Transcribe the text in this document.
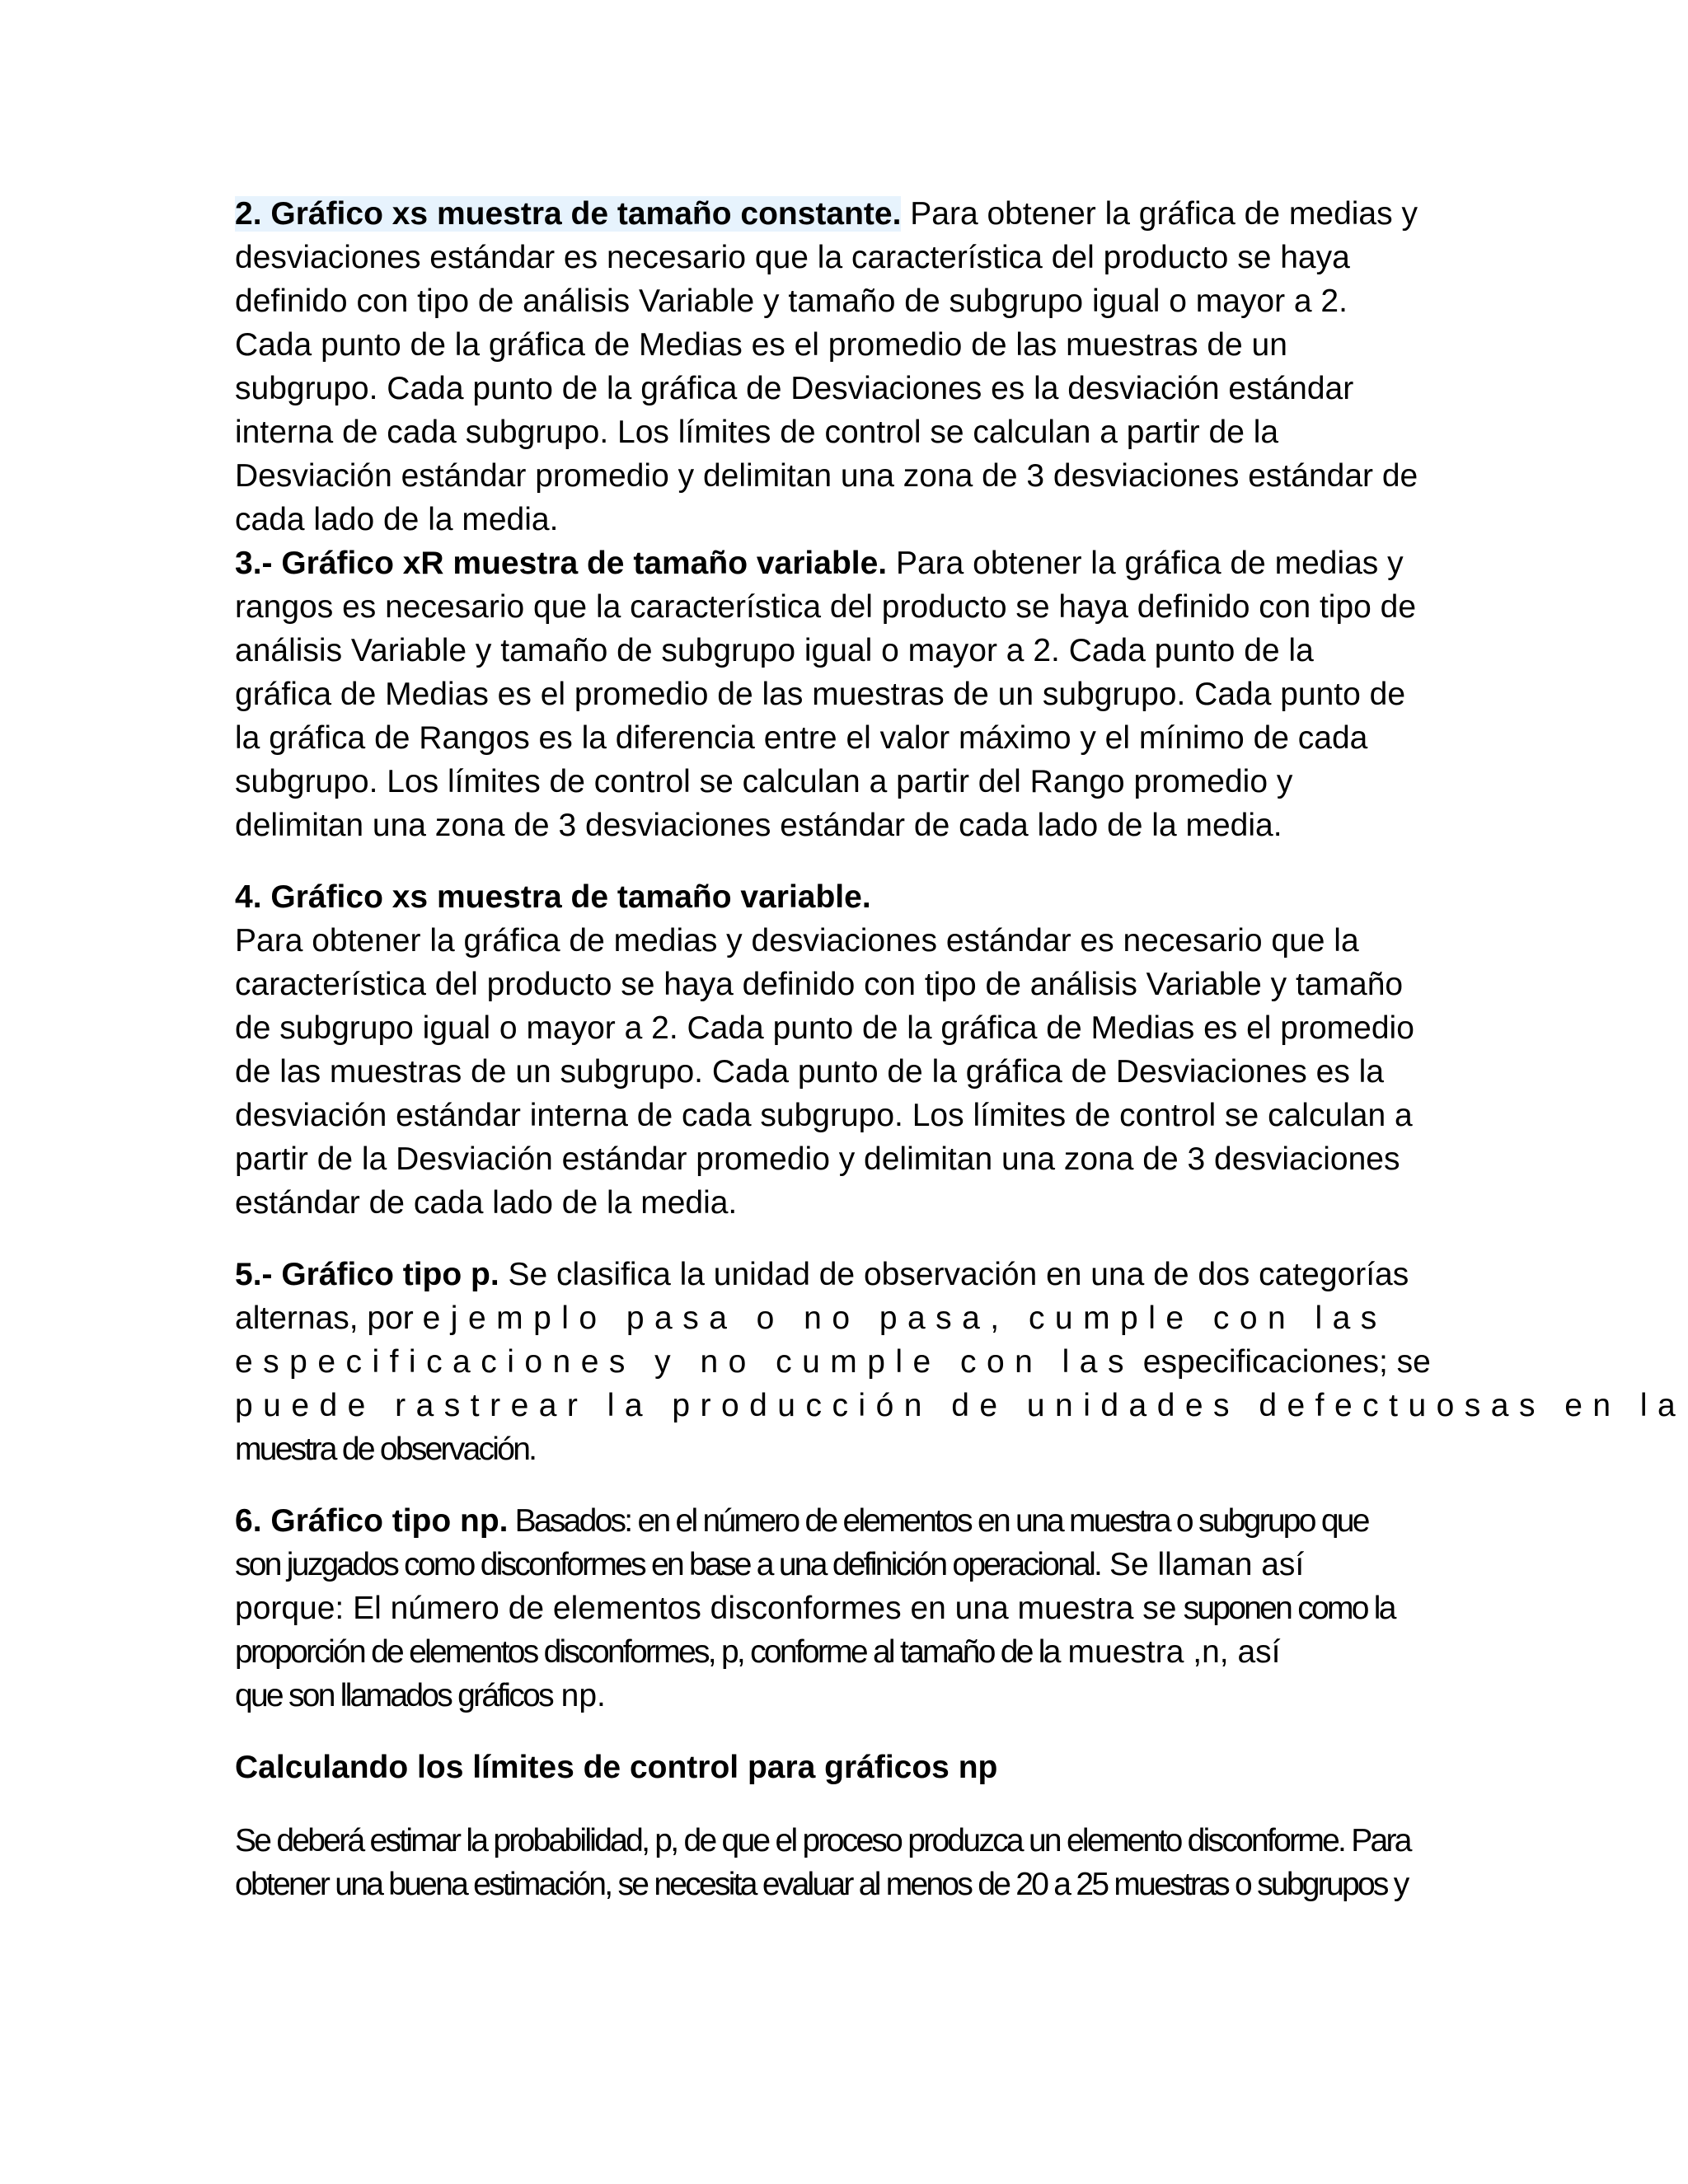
2. Gráfico xs muestra de tamaño constante. Para obtener la gráfica de medias y
desviaciones estándar es necesario que la característica del producto se haya
definido con tipo de análisis Variable y tamaño de subgrupo igual o mayor a 2.
Cada punto de la gráfica de Medias es el promedio de las muestras de un
subgrupo. Cada punto de la gráfica de Desviaciones es la desviación estándar
interna de cada subgrupo. Los límites de control se calculan a partir de la
Desviación estándar promedio y delimitan una zona de 3 desviaciones estándar de
cada lado de la media.
3.- Gráfico xR muestra de tamaño variable. Para obtener la gráfica de medias y
rangos es necesario que la característica del producto se haya definido con tipo de
análisis Variable y tamaño de subgrupo igual o mayor a 2. Cada punto de la
gráfica de Medias es el promedio de las muestras de un subgrupo. Cada punto de
la gráfica de Rangos es la diferencia entre el valor máximo y el mínimo de cada
subgrupo. Los límites de control se calculan a partir del Rango promedio y
delimitan una zona de 3 desviaciones estándar de cada lado de la media.
4. Gráfico xs muestra de tamaño variable.
Para obtener la gráfica de medias y desviaciones estándar es necesario que la
característica del producto se haya definido con tipo de análisis Variable y tamaño
de subgrupo igual o mayor a 2. Cada punto de la gráfica de Medias es el promedio
de las muestras de un subgrupo. Cada punto de la gráfica de Desviaciones es la
desviación estándar interna de cada subgrupo. Los límites de control se calculan a
partir de la Desviación estándar promedio y delimitan una zona de 3 desviaciones
estándar de cada lado de la media.
5.- Gráfico tipo p. Se clasifica la unidad de observación en una de dos categorías
alternas, por ejemplo pasa o no pasa, cumple con las
especificaciones y no cumple con las especificaciones; se
puede rastrear la producción de unidades defectuosas en la
muestra de observación.
6. Gráfico tipo np. Basados: en el número de elementos en una muestra o subgrupo que
son juzgados como disconformes en base a una definición operacional. Se llaman así
porque: El número de elementos disconformes en una muestra se suponen como la
proporción de elementos disconformes, p, conforme al tamaño de la muestra ,n, así
que son llamados gráficos np.
Calculando los límites de control para gráficos np
Se deberá estimar la probabilidad, p, de que el proceso produzca un elemento disconforme. Para
obtener una buena estimación, se necesita evaluar al menos de 20 a 25 muestras o subgrupos y
